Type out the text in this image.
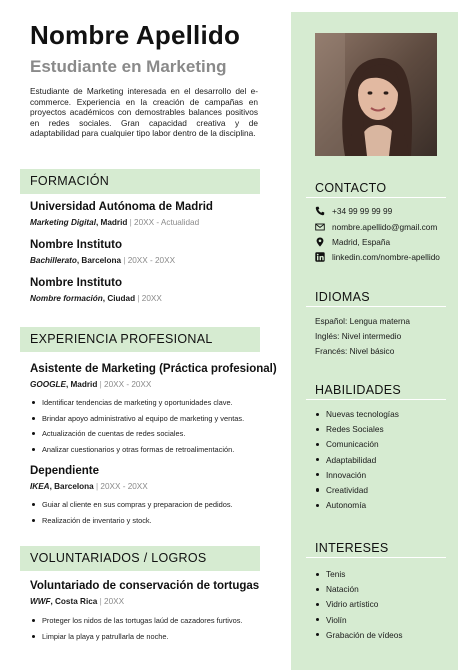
Nombre Apellido
Estudiante en Marketing
Estudiante de Marketing interesada en el desarrollo del e-commerce. Experiencia en la creación de campañas en proyectos académicos con demostrables balances positivos en redes sociales. Gran capacidad creativa y de adaptabilidad para cualquier tipo labor dentro de la disciplina.
FORMACIÓN
Universidad Autónoma de Madrid
Marketing Digital, Madrid | 20XX - Actualidad
Nombre Instituto
Bachillerato, Barcelona | 20XX - 20XX
Nombre Instituto
Nombre formación, Ciudad | 20XX
EXPERIENCIA PROFESIONAL
Asistente de Marketing (Práctica profesional)
GOOGLE, Madrid | 20XX - 20XX
Identificar tendencias de marketing y oportunidades clave.
Brindar apoyo administrativo al equipo de marketing y ventas.
Actualización de cuentas de redes sociales.
Analizar cuestionarios y otras formas de retroalimentación.
Dependiente
IKEA, Barcelona | 20XX - 20XX
Guiar al cliente en sus compras y preparacion de pedidos.
Realización de inventario y stock.
VOLUNTARIADOS / LOGROS
Voluntariado de conservación de tortugas
WWF, Costa Rica | 20XX
Proteger los nidos de las tortugas laúd de cazadores furtivos.
Limpiar la playa y patrullarla de noche.
CONTACTO
+34 99 99 99 99
nombre.apellido@gmail.com
Madrid, España
linkedin.com/nombre-apellido
IDIOMAS
Español: Lengua materna
Inglés: Nivel intermedio
Francés: Nivel básico
HABILIDADES
Nuevas tecnologías
Redes Sociales
Comunicación
Adaptabilidad
Innovación
Creatividad
Autonomía
INTERESES
Tenis
Natación
Vidrio artístico
Violín
Grabación de vídeos
